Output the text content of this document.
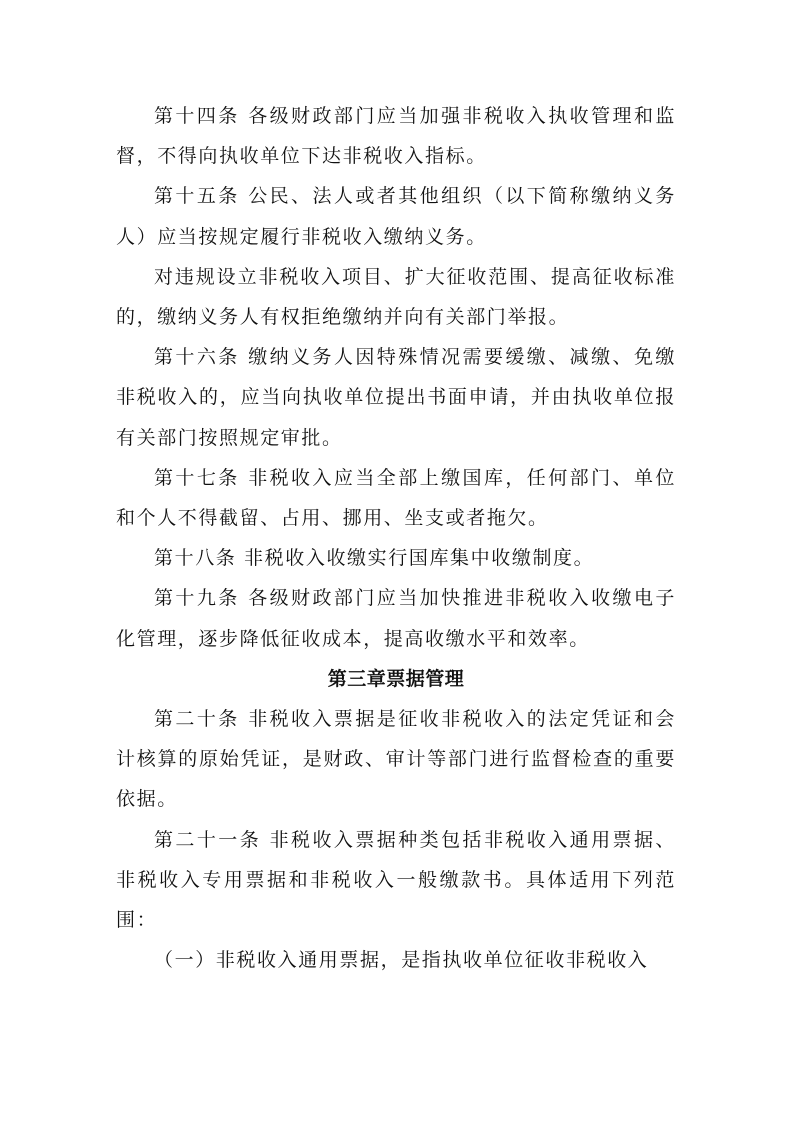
第十四条 各级财政部门应当加强非税收入执收管理和监督，不得向执收单位下达非税收入指标。

第十五条 公民、法人或者其他组织（以下简称缴纳义务人）应当按规定履行非税收入缴纳义务。

对违规设立非税收入项目、扩大征收范围、提高征收标准的，缴纳义务人有权拒绝缴纳并向有关部门举报。

第十六条 缴纳义务人因特殊情况需要缓缴、减缴、免缴非税收入的，应当向执收单位提出书面申请，并由执收单位报有关部门按照规定审批。

第十七条 非税收入应当全部上缴国库，任何部门、单位和个人不得截留、占用、挪用、坐支或者拖欠。

第十八条 非税收入收缴实行国库集中收缴制度。

第十九条 各级财政部门应当加快推进非税收入收缴电子化管理，逐步降低征收成本，提高收缴水平和效率。

第三章票据管理

第二十条 非税收入票据是征收非税收入的法定凭证和会计核算的原始凭证，是财政、审计等部门进行监督检查的重要依据。

第二十一条 非税收入票据种类包括非税收入通用票据、非税收入专用票据和非税收入一般缴款书。具体适用下列范围：

（一）非税收入通用票据，是指执收单位征收非税收入
